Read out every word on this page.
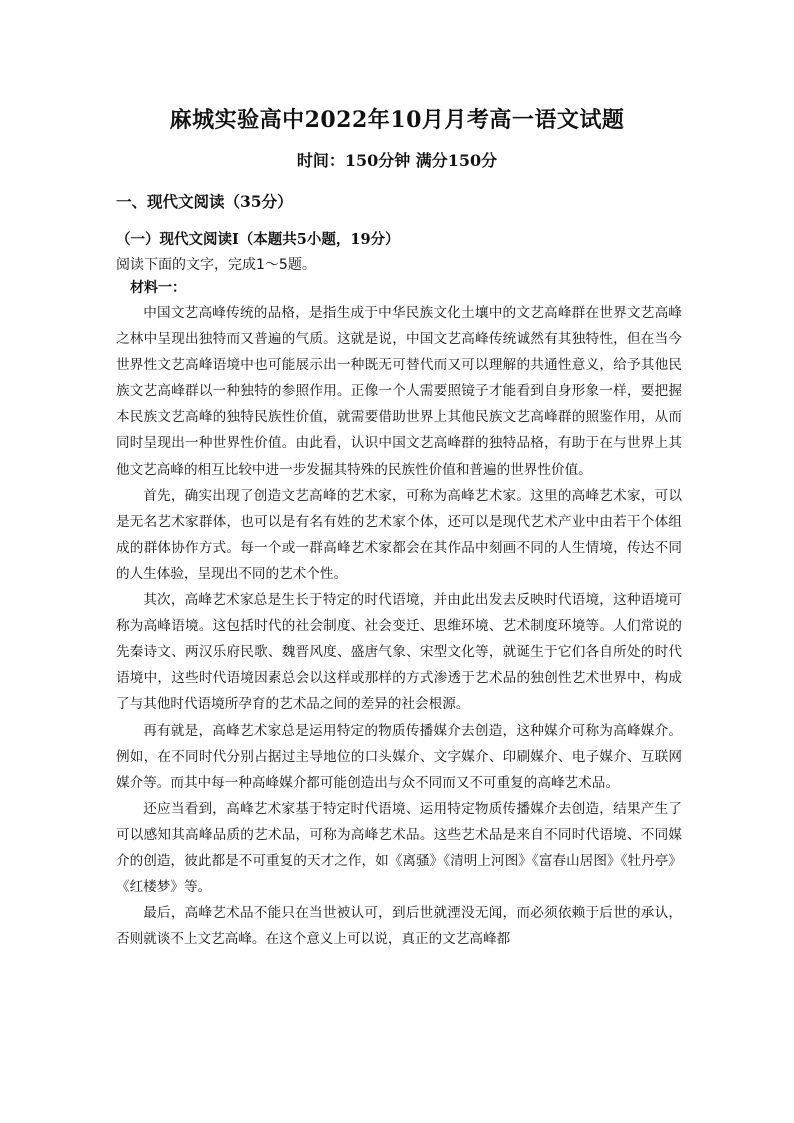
麻城实验高中2022年10月月考高一语文试题
时间：150分钟 满分150分
一、现代文阅读（35分）
（一）现代文阅读Ⅰ（本题共5小题，19分）
阅读下面的文字，完成1～5题。
材料一：

中国文艺高峰传统的品格，是指生成于中华民族文化土壤中的文艺高峰群在世界文艺高峰之林中呈现出独特而又普遍的气质。这就是说，中国文艺高峰传统诚然有其独特性，但在当今世界性文艺高峰语境中也可能展示出一种既无可替代而又可以理解的共通性意义，给予其他民族文艺高峰群以一种独特的参照作用。正像一个人需要照镜子才能看到自身形象一样，要把握本民族文艺高峰的独特民族性价值，就需要借助世界上其他民族文艺高峰群的照鉴作用，从而同时呈现出一种世界性价值。由此看，认识中国文艺高峰群的独特品格，有助于在与世界上其他文艺高峰的相互比较中进一步发掘其特殊的民族性价值和普遍的世界性价值。

首先，确实出现了创造文艺高峰的艺术家，可称为高峰艺术家。这里的高峰艺术家，可以是无名艺术家群体，也可以是有名有姓的艺术家个体，还可以是现代艺术产业中由若干个体组成的群体协作方式。每一个或一群高峰艺术家都会在其作品中刻画不同的人生情境，传达不同的人生体验，呈现出不同的艺术个性。

其次，高峰艺术家总是生长于特定的时代语境，并由此出发去反映时代语境，这种语境可称为高峰语境。这包括时代的社会制度、社会变迁、思维环境、艺术制度环境等。人们常说的先秦诗文、两汉乐府民歌、魏晋风度、盛唐气象、宋型文化等，就诞生于它们各自所处的时代语境中，这些时代语境因素总会以这样或那样的方式渗透于艺术品的独创性艺术世界中，构成了与其他时代语境所孕育的艺术品之间的差异的社会根源。

再有就是，高峰艺术家总是运用特定的物质传播媒介去创造，这种媒介可称为高峰媒介。例如，在不同时代分别占据过主导地位的口头媒介、文字媒介、印刷媒介、电子媒介、互联网媒介等。而其中每一种高峰媒介都可能创造出与众不同而又不可重复的高峰艺术品。

还应当看到，高峰艺术家基于特定时代语境、运用特定物质传播媒介去创造，结果产生了可以感知其高峰品质的艺术品，可称为高峰艺术品。这些艺术品是来自不同时代语境、不同媒介的创造，彼此都是不可重复的天才之作，如《离骚》《清明上河图》《富春山居图》《牡丹亭》《红楼梦》等。

最后，高峰艺术品不能只在当世被认可，到后世就湮没无闻，而必须依赖于后世的承认，否则就谈不上文艺高峰。在这个意义上可以说，真正的文艺高峰都
